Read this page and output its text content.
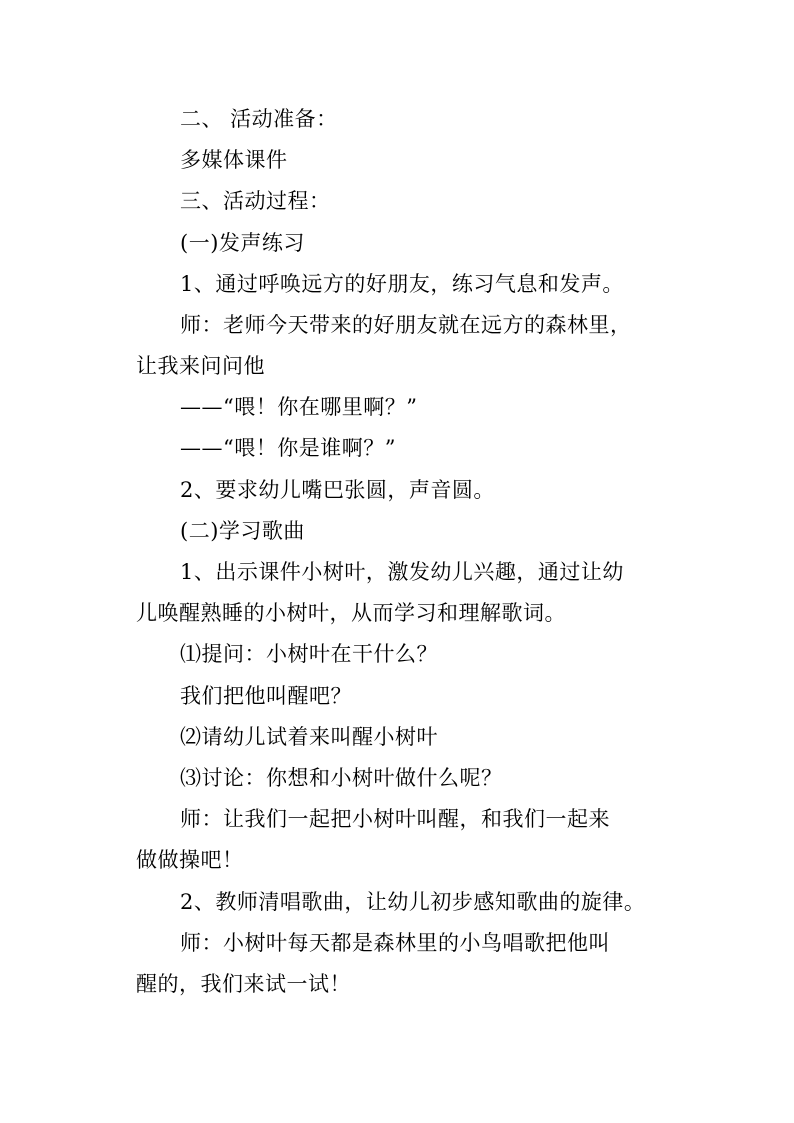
二、 活动准备：
多媒体课件
三、活动过程：
(一)发声练习
1、通过呼唤远方的好朋友，练习气息和发声。
师：老师今天带来的好朋友就在远方的森林里，
让我来问问他
——“喂！你在哪里啊？”
——“喂！你是谁啊？”
2、要求幼儿嘴巴张圆，声音圆。
(二)学习歌曲
1、出示课件小树叶，激发幼儿兴趣，通过让幼
儿唤醒熟睡的小树叶，从而学习和理解歌词。
⑴提问：小树叶在干什么？
我们把他叫醒吧？
⑵请幼儿试着来叫醒小树叶
⑶讨论：你想和小树叶做什么呢？
师：让我们一起把小树叶叫醒，和我们一起来
做做操吧！
2、教师清唱歌曲，让幼儿初步感知歌曲的旋律。
师：小树叶每天都是森林里的小鸟唱歌把他叫
醒的，我们来试一试！
